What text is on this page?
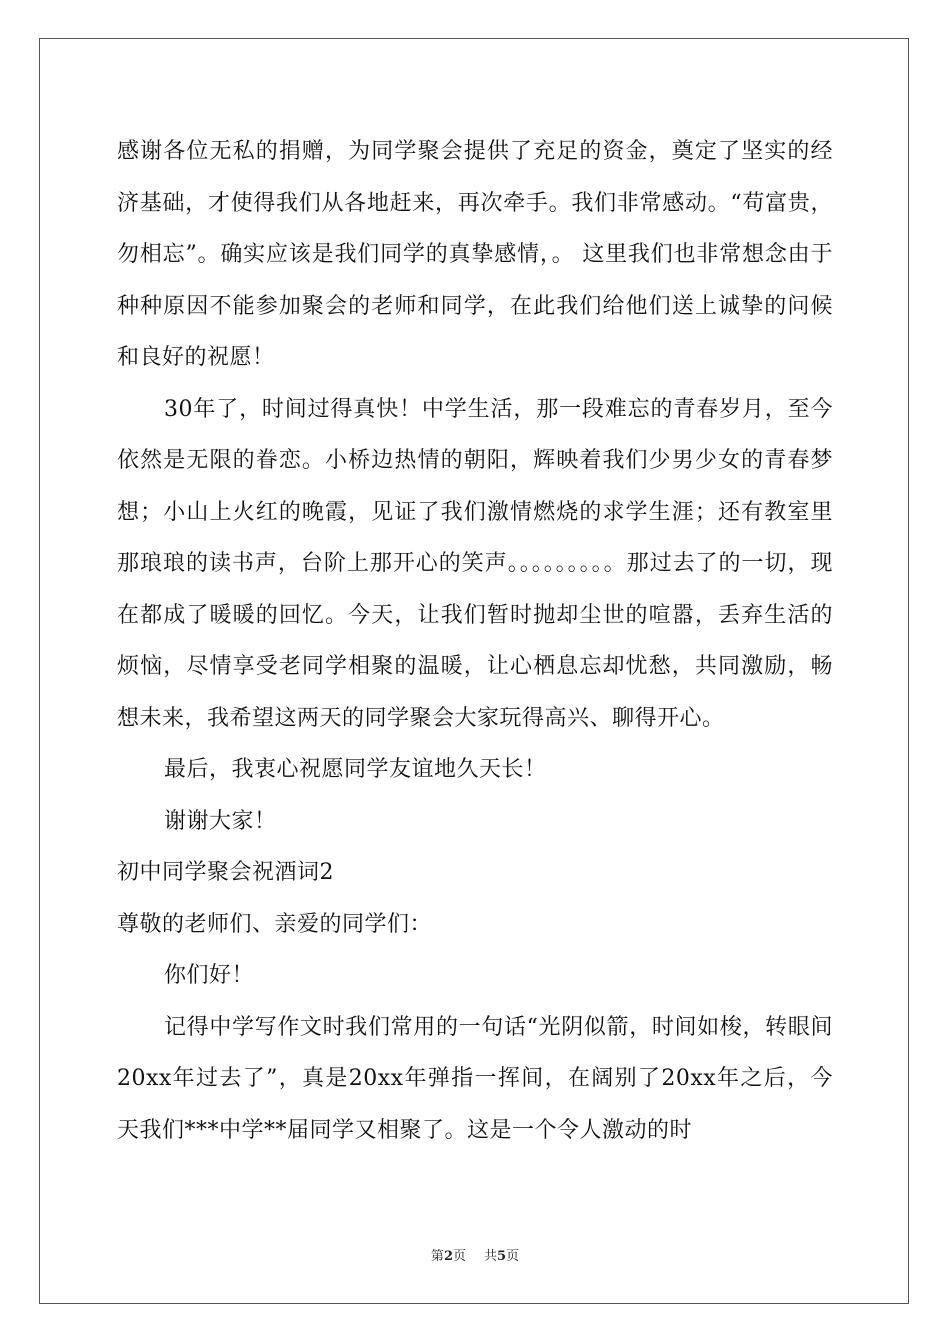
感谢各位无私的捐赠，为同学聚会提供了充足的资金，奠定了坚实的经济基础，才使得我们从各地赶来，再次牵手。我们非常感动。“苟富贵，勿相忘”。确实应该是我们同学的真挚感情，。 这里我们也非常想念由于种种原因不能参加聚会的老师和同学，在此我们给他们送上诚挚的问候和良好的祝愿！

30年了，时间过得真快！中学生活，那一段难忘的青春岁月，至今依然是无限的眷恋。小桥边热情的朝阳，辉映着我们少男少女的青春梦想；小山上火红的晚霞，见证了我们激情燃烧的求学生涯；还有教室里那琅琅的读书声，台阶上那开心的笑声。。。。。。。。。那过去了的一切，现在都成了暖暖的回忆。今天，让我们暂时抛却尘世的喧嚣，丢弃生活的烦恼，尽情享受老同学相聚的温暖，让心栖息忘却忧愁，共同激励，畅想未来，我希望这两天的同学聚会大家玩得高兴、聊得开心。

最后，我衷心祝愿同学友谊地久天长！

谢谢大家！

初中同学聚会祝酒词2

尊敬的老师们、亲爱的同学们：

你们好！

记得中学写作文时我们常用的一句话“光阴似箭，时间如梭，转眼间20xx年过去了”，真是20xx年弹指一挥间，在阔别了20xx年之后，今天我们***中学**届同学又相聚了。这是一个令人激动的时

第2页 共5页
